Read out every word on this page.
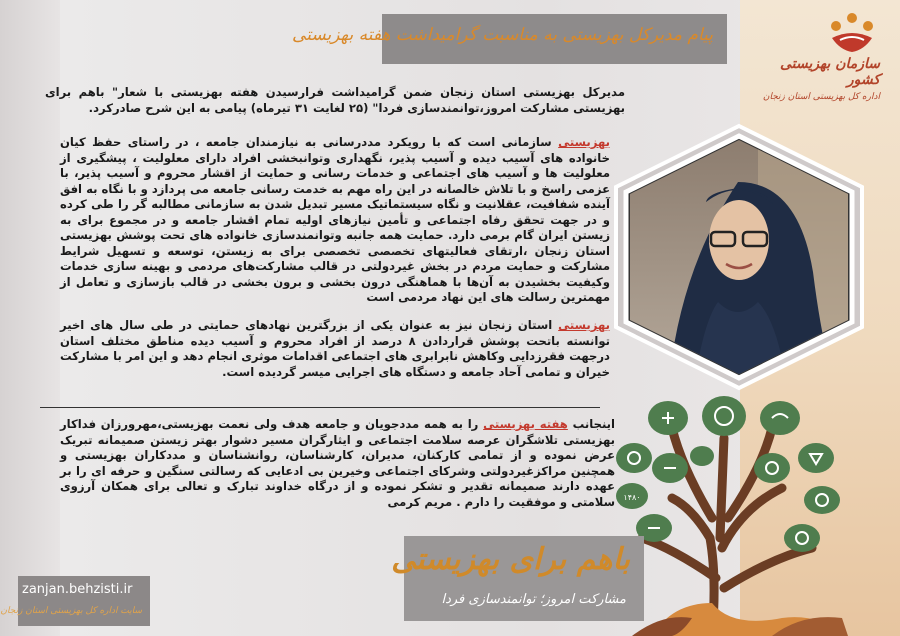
سازمان بهزیستی کشور
اداره کل بهزیستی استان زنجان
پیام مدیرکل بهزیستی به مناسبت گرامیداشت هفته بهزیستی
مدیرکل بهزیستی استان زنجان ضمن گرامیداشت فرارسیدن هفته بهزیستی با شعار" باهم برای بهزیستی مشارکت امروز،توانمندسازی فردا" (۲۵ لغایت ۳۱ تیرماه) پیامی به این شرح صادرکرد.
بهزیستی سازمانی است که با رویکرد مددرسانی به نیازمندان جامعه ، در راستای حفظ کیان خانواده های آسیب دیده و آسیب پذیر، نگهداری وتوانبخشی افراد دارای معلولیت ، پیشگیری از معلولیت ها و آسیب های اجتماعی و خدمات رسانی و حمایت از اقشار محروم و آسیب پذیر، با عزمی راسخ و با تلاش خالصانه در این راه مهم به خدمت رسانی جامعه می پردازد و با نگاه به افق آینده شفافیت، عقلانیت و نگاه سیستماتیک مسیر تبدیل شدن به سازمانی مطالبه گر را طی کرده و در جهت تحقق رفاه اجتماعی و تأمین نیازهای اولیه تمام اقشار جامعه و در مجموع برای به زیستن ایران گام برمی دارد. حمایت همه جانبه وتوانمندسازی خانواده های تحت پوشش بهزیستی استان زنجان ،ارتقای فعالیتهای تخصصی تخصصی برای به زیستن، توسعه و تسهیل شرایط مشارکت و حمایت مردم در بخش غیردولتی در قالب مشارکت‌های مردمی و بهینه سازی خدمات وکیفیت بخشیدن به آن‌ها با هماهنگی درون بخشی و برون بخشی در قالب بازسازی و تعامل از مهمترین رسالت های این نهاد مردمی است
بهزیستی استان زنجان نیز به عنوان یکی از بزرگترین نهادهای حمایتی در طی سال های اخیر توانسته باتحت پوشش قراردادن ۸ درصد از افراد محروم و آسیب دیده مناطق مختلف استان درجهت فقرزدایی وکاهش نابرابری های اجتماعی اقدامات موثری انجام دهد و این امر با مشارکت خیران و تمامی آحاد جامعه و دستگاه های اجرایی میسر گردیده است.
اینجانب هفته بهزیستی را به همه مددجویان و جامعه هدف ولی نعمت بهزیستی،مهرورزان فداکار بهزیستی تلاشگران عرصه سلامت اجتماعی و ایثارگران مسیر دشوار بهتر زیستن صمیمانه تبریک عرض نموده و از تمامی کارکنان، مدیران، کارشناسان، روانشناسان و مددکاران بهزیستی و همچنین مراکزغیردولتی وشرکای اجتماعی وخیرین بی ادعایی که رسالتی سنگین و حرفه ای را بر عهده دارند صمیمانه تقدیر و تشکر نموده و از درگاه خداوند تبارک و تعالی برای همکان آرزوی سلامتی و موفقیت را دارم . مریم کرمی ۱۴۸۰
باهم برای بهزیستی
مشارکت امروز؛ توانمندسازی فردا
zanjan.behzisti.ir
سایت اداره کل بهزیستی استان زنجان
